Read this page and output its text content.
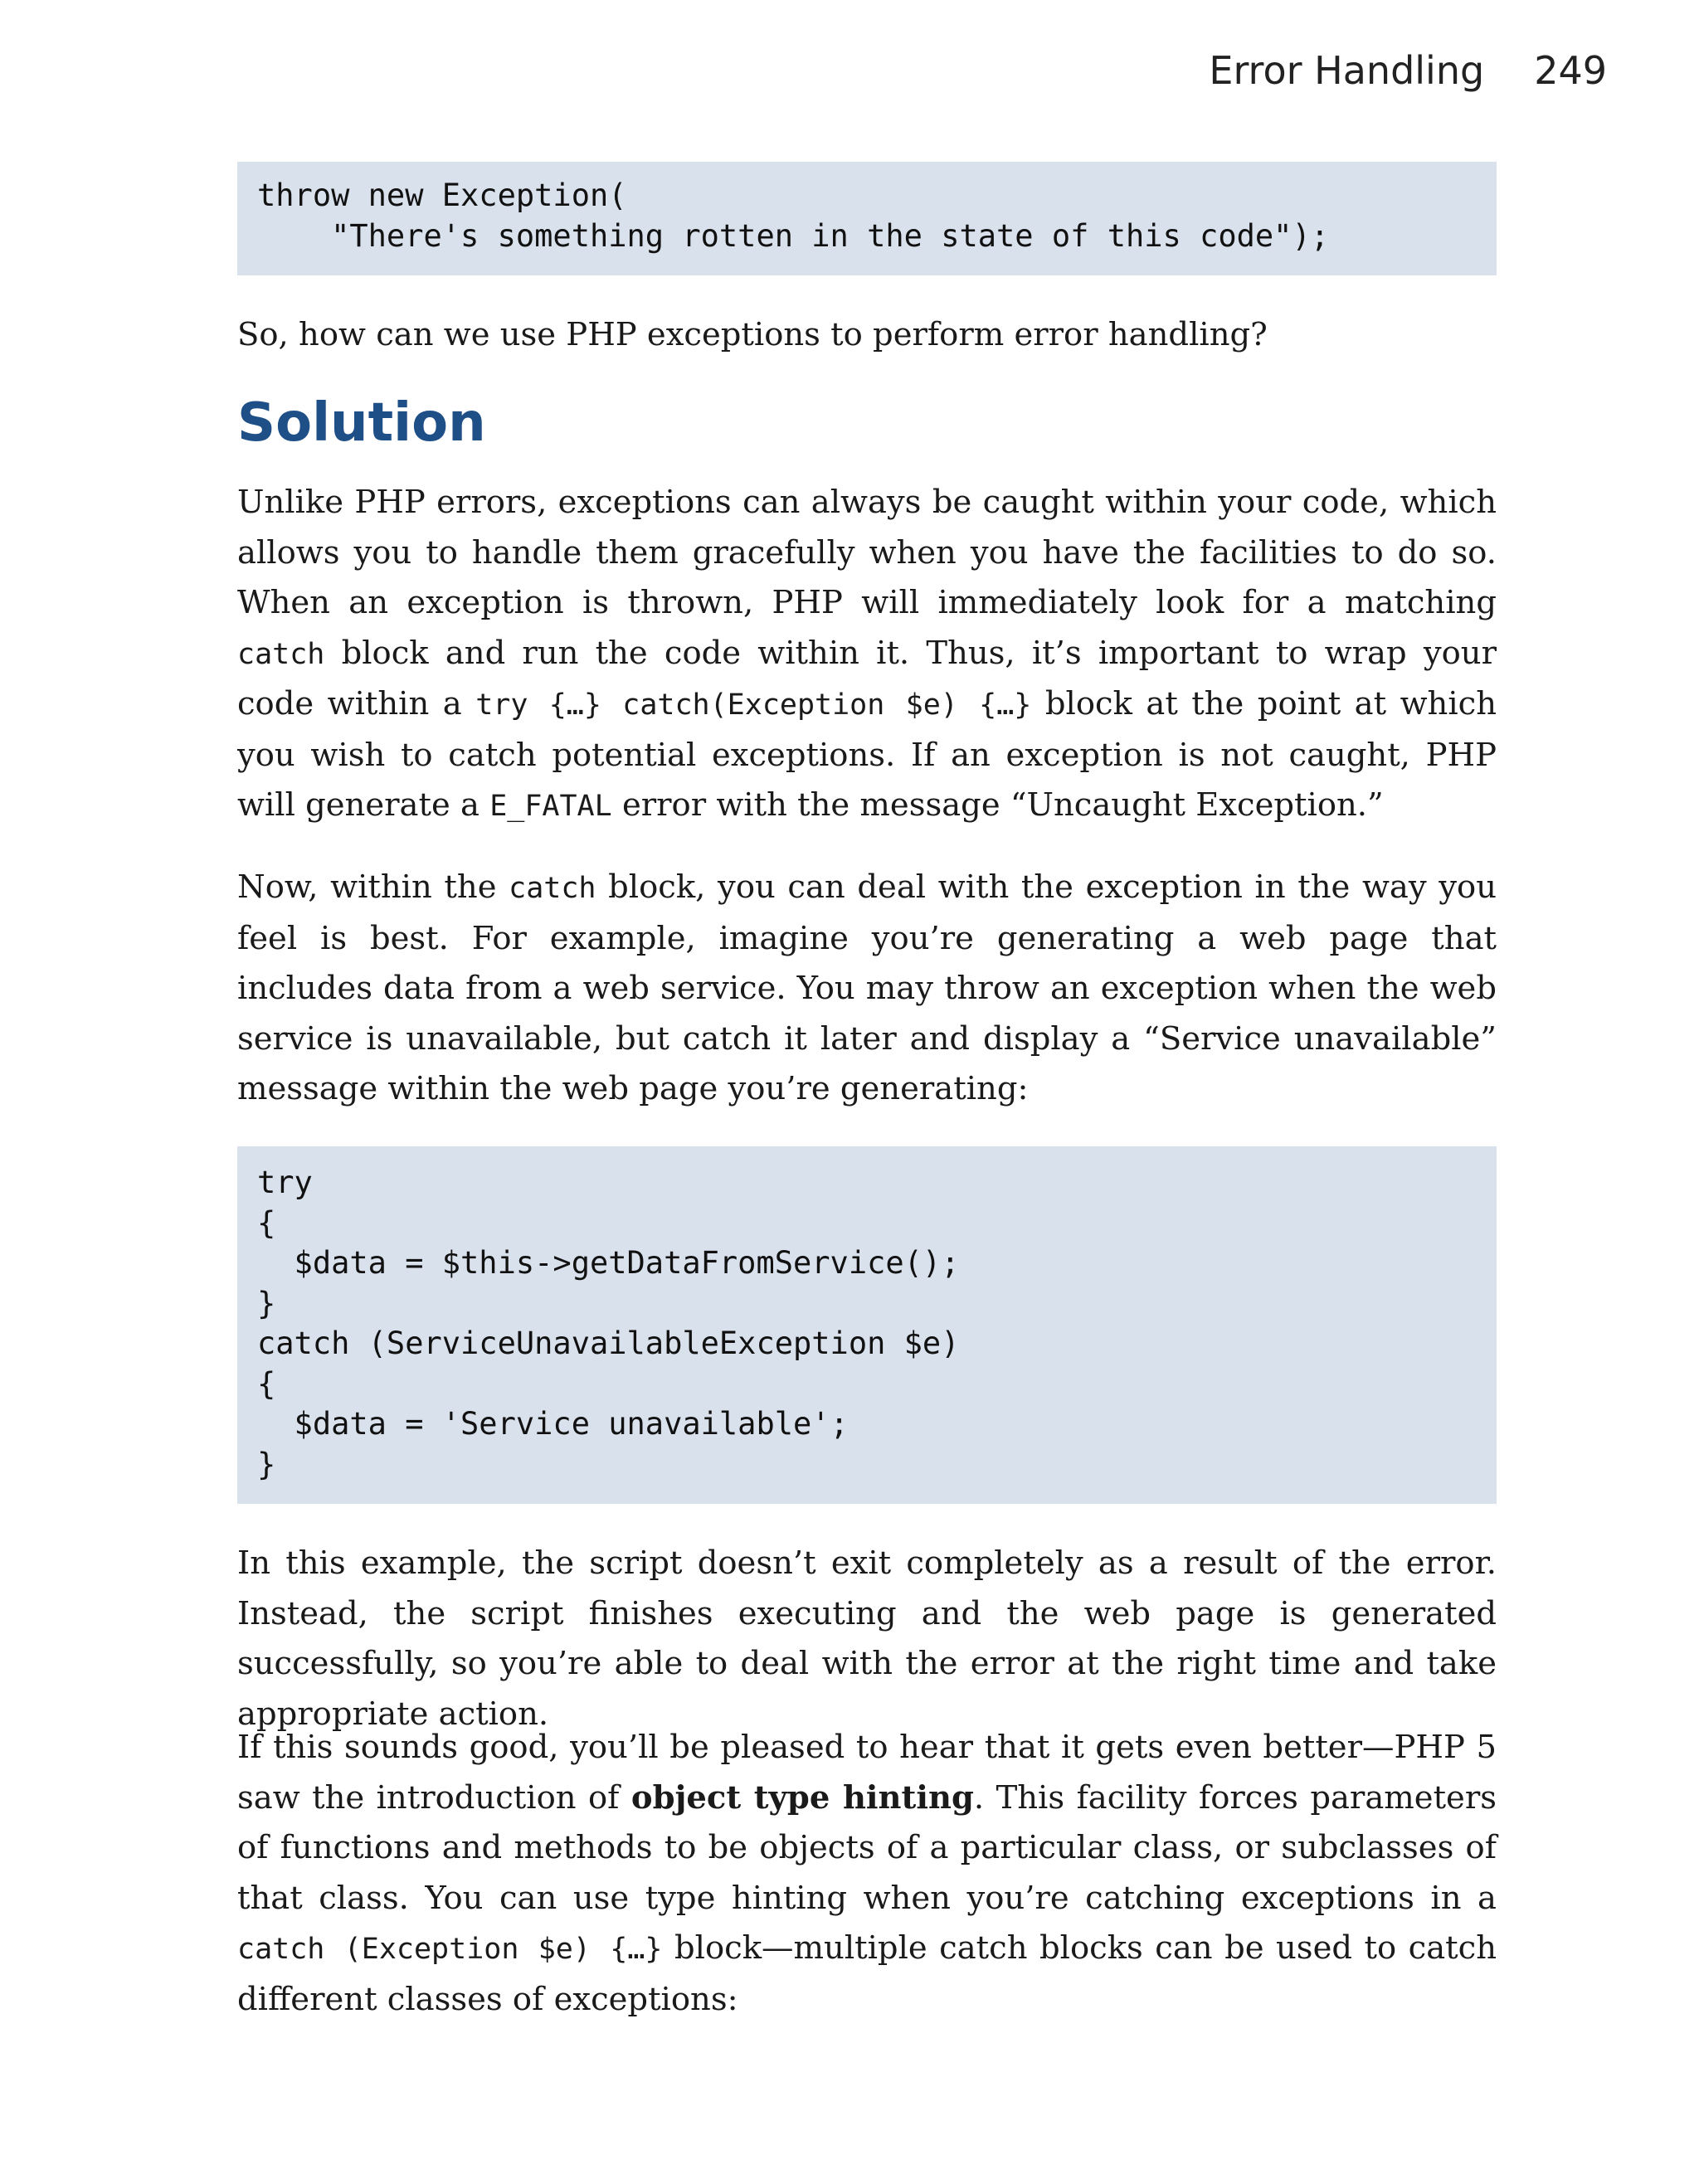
Error Handling 249
throw new Exception(
"There's something rotten in the state of this code");

So, how can we use PHP exceptions to perform error handling?

Solution

Unlike PHP errors, exceptions can always be caught within your code, which allows you to handle them gracefully when you have the facilities to do so. When an exception is thrown, PHP will immediately look for a matching catch block and run the code within it. Thus, it’s important to wrap your code within a try {…} catch(Exception $e) {…} block at the point at which you wish to catch potential exceptions. If an exception is not caught, PHP will generate a E_FATAL error with the message “Uncaught Exception.”

Now, within the catch block, you can deal with the exception in the way you feel is best. For example, imagine you’re generating a web page that includes data from a web service. You may throw an exception when the web service is unavailable, but catch it later and display a “Service unavailable” message within the web page you’re generating:

try
{
$data = $this->getDataFromService();
}
catch (ServiceUnavailableException $e)
{
$data = 'Service unavailable';
}

In this example, the script doesn’t exit completely as a result of the error. Instead, the script finishes executing and the web page is generated successfully, so you’re able to deal with the error at the right time and take appropriate action.

If this sounds good, you’ll be pleased to hear that it gets even better—PHP 5 saw the introduction of object type hinting. This facility forces parameters of functions and methods to be objects of a particular class, or subclasses of that class. You can use type hinting when you’re catching exceptions in a catch (Exception $e) {…} block—multiple catch blocks can be used to catch different classes of exceptions:
